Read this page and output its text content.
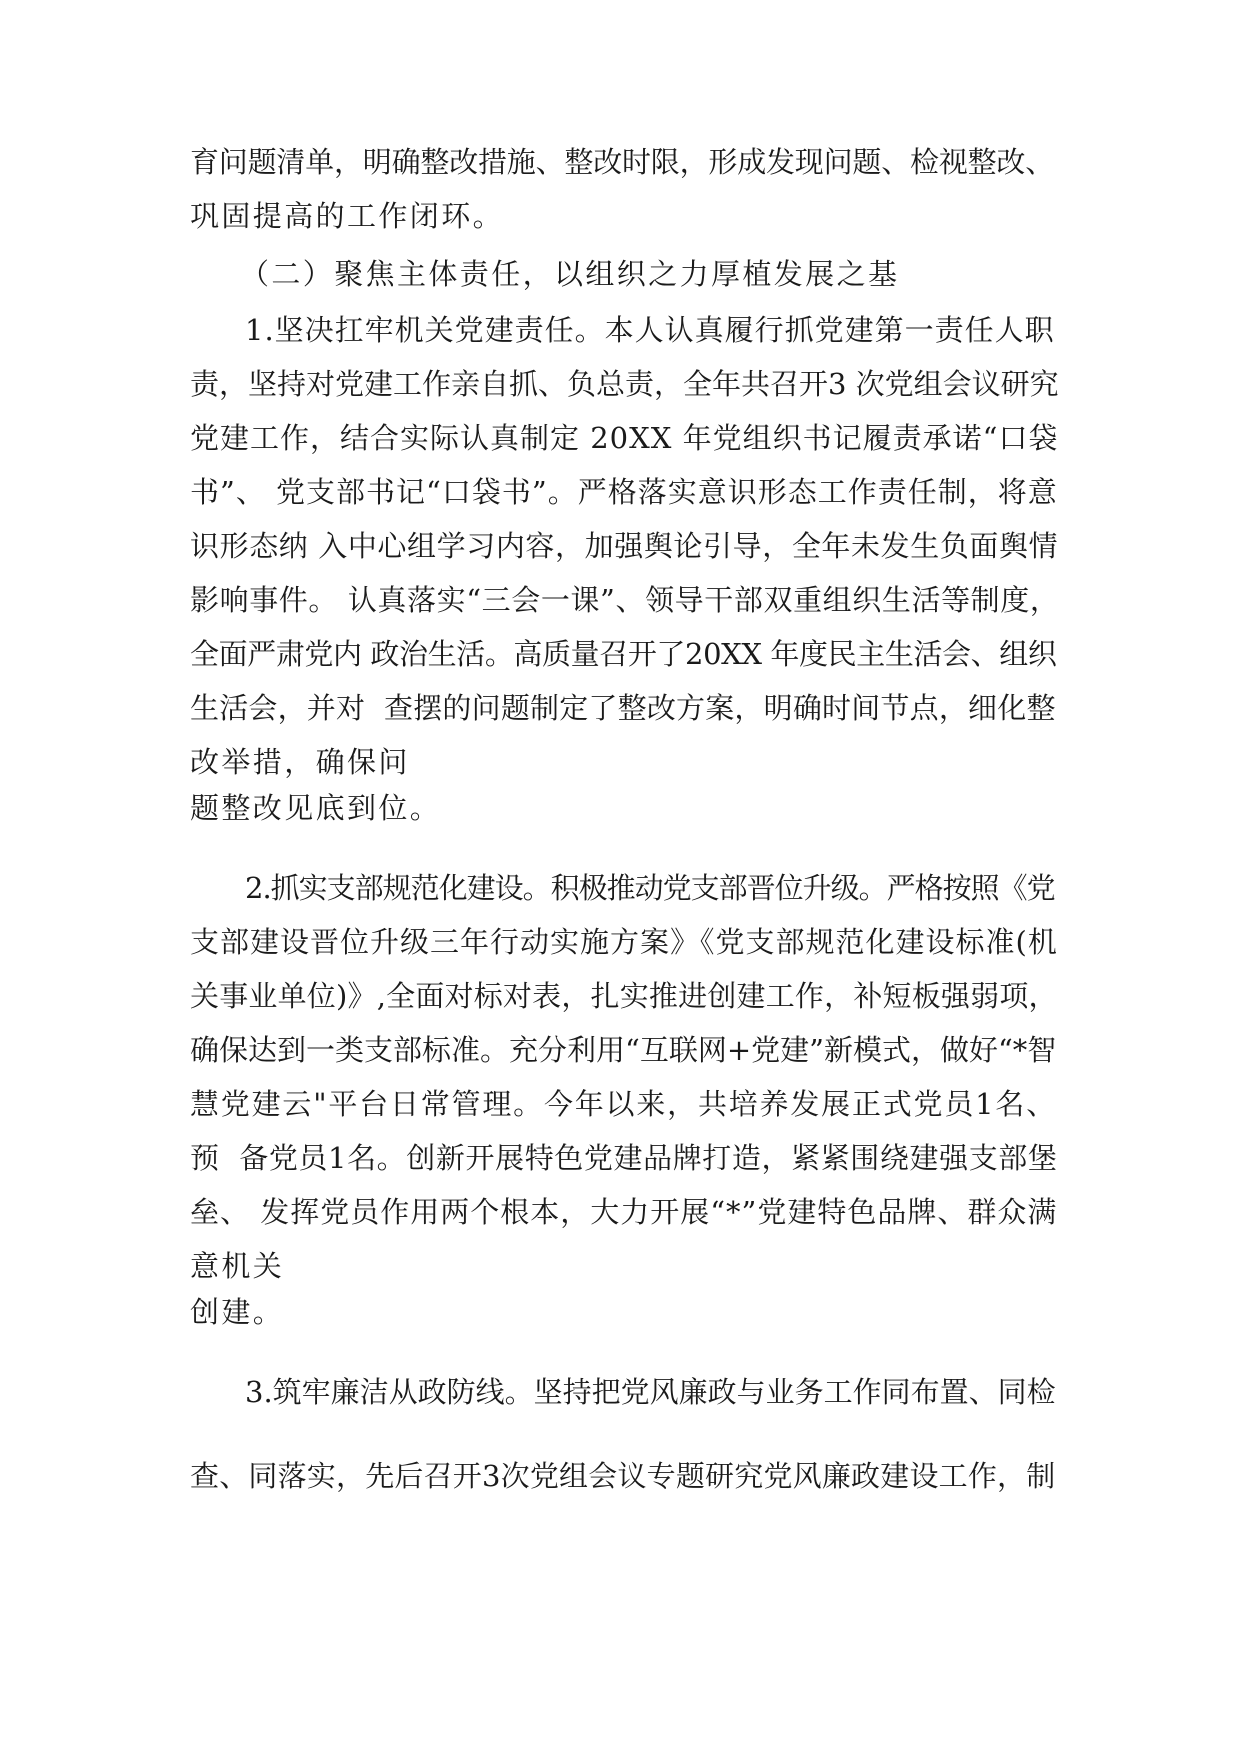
育问题清单，明确整改措施、整改时限，形成发现问题、检视整改、
巩固提高的工作闭环。
（二）聚焦主体责任，以组织之力厚植发展之基
1.坚决扛牢机关党建责任。本人认真履行抓党建第一责任人职
责，坚持对党建工作亲自抓、负总责，全年共召开3 次党组会议研究
党建工作，结合实际认真制定 20XX 年党组织书记履责承诺“口袋
书”、 党支部书记“口袋书”。严格落实意识形态工作责任制，将意
识形态纳 入中心组学习内容，加强舆论引导，全年未发生负面舆情
影响事件。 认真落实“三会一课”、领导干部双重组织生活等制度，
全面严肃党内 政治生活。高质量召开了20XX 年度民主生活会、组织
生活会，并对  查摆的问题制定了整改方案，明确时间节点，细化整
改举措，确保问
题整改见底到位。
2.抓实支部规范化建设。积极推动党支部晋位升级。严格按照《党
支部建设晋位升级三年行动实施方案》《党支部规范化建设标准(机
关事业单位)》,全面对标对表，扎实推进创建工作，补短板强弱项，
确保达到一类支部标准。充分利用“互联网+党建”新模式，做好“*智
慧党建云"平台日常管理。今年以来，共培养发展正式党员1名、
预  备党员1名。创新开展特色党建品牌打造，紧紧围绕建强支部堡
垒、 发挥党员作用两个根本，大力开展“*”党建特色品牌、群众满
意机关
创建。
3.筑牢廉洁从政防线。坚持把党风廉政与业务工作同布置、同检
查、同落实，先后召开3次党组会议专题研究党风廉政建设工作，制
